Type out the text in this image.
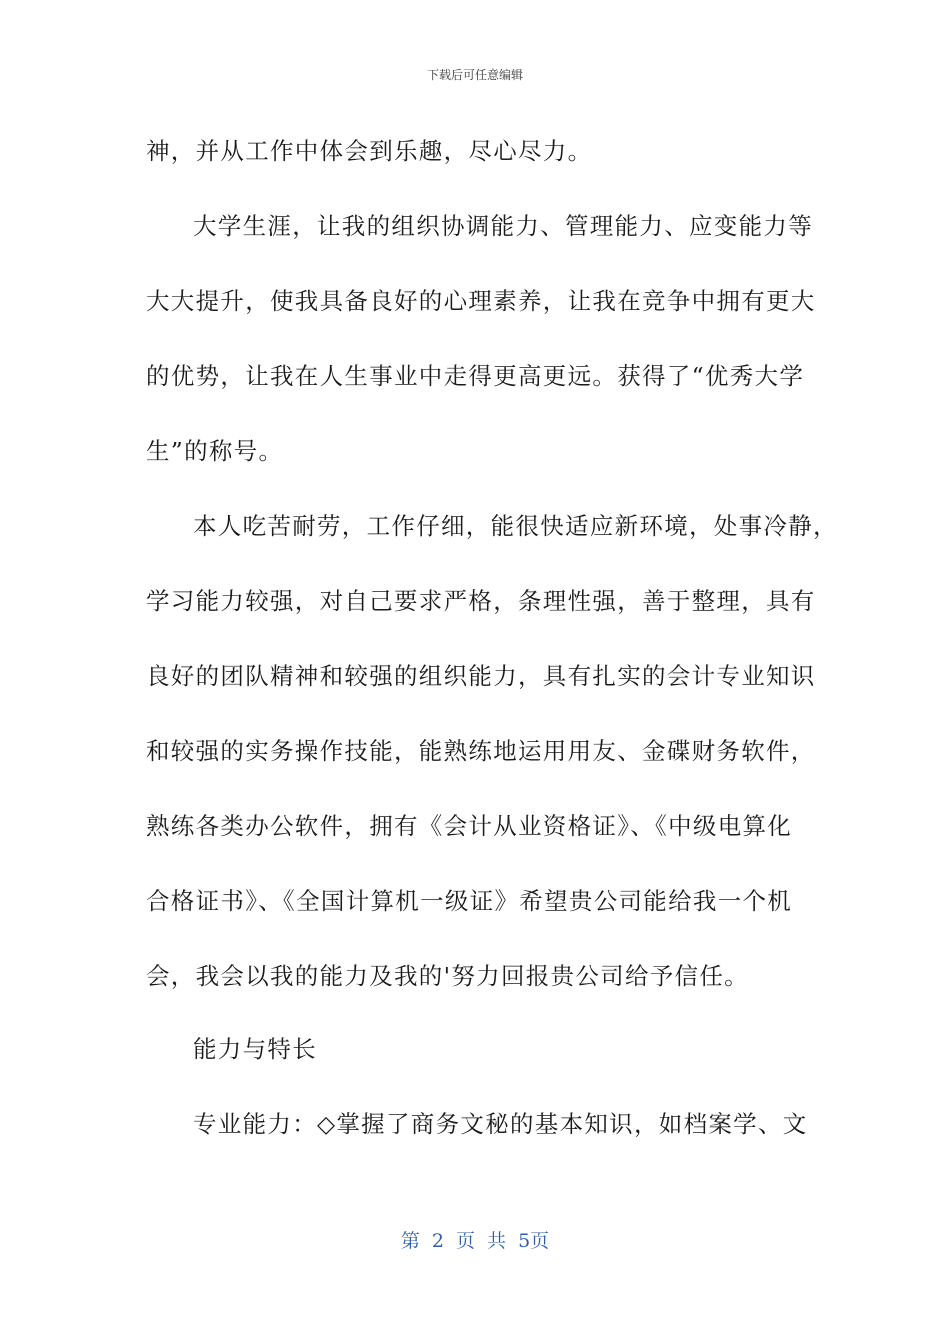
下载后可任意编辑
神，并从工作中体会到乐趣，尽心尽力。
大学生涯，让我的组织协调能力、管理能力、应变能力等
大大提升，使我具备良好的心理素养，让我在竞争中拥有更大
的优势，让我在人生事业中走得更高更远。获得了“优秀大学
生”的称号。
本人吃苦耐劳，工作仔细，能很快适应新环境，处事冷静，
学习能力较强，对自己要求严格，条理性强，善于整理，具有
良好的团队精神和较强的组织能力，具有扎实的会计专业知识
和较强的实务操作技能，能熟练地运用用友、金碟财务软件，
熟练各类办公软件，拥有《会计从业资格证》、《中级电算化
合格证书》、《全国计算机一级证》希望贵公司能给我一个机
会，我会以我的能力及我的'努力回报贵公司给予信任。
能力与特长
专业能力：◇掌握了商务文秘的基本知识，如档案学、文
第 2 页 共 5页
